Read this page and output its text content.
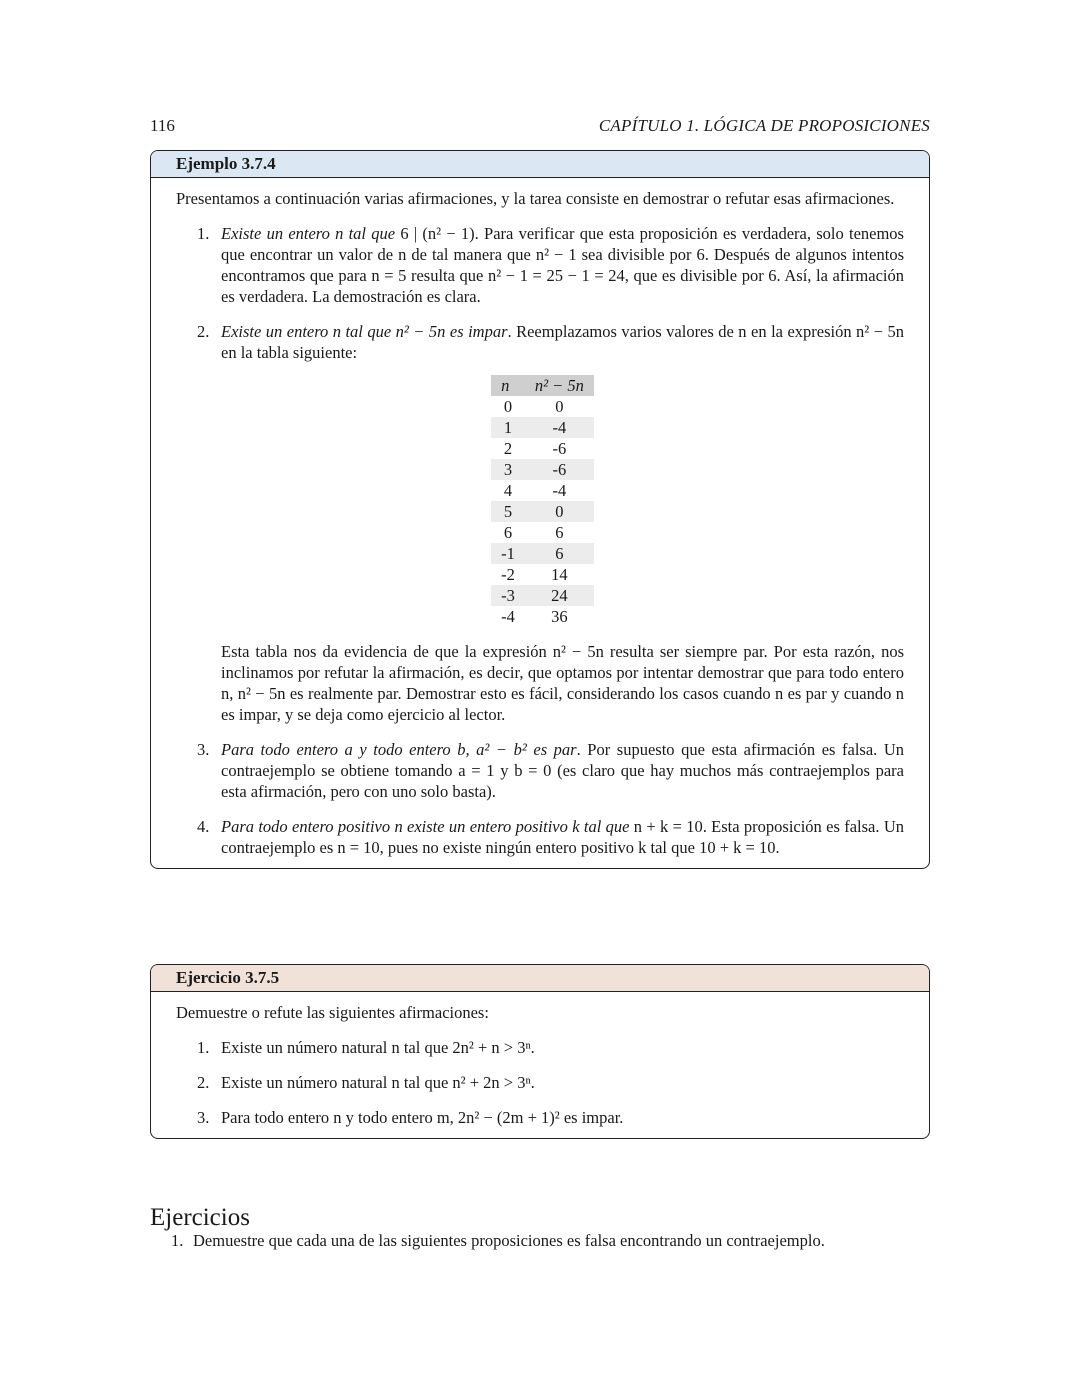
116	CAPÍTULO 1. LÓGICA DE PROPOSICIONES
Ejemplo 3.7.4

Presentamos a continuación varias afirmaciones, y la tarea consiste en demostrar o refutar esas afirmaciones.

1. Existe un entero n tal que 6 | (n² − 1). Para verificar que esta proposición es verdadera, solo tenemos que encontrar un valor de n de tal manera que n² − 1 sea divisible por 6. Después de algunos intentos encontramos que para n = 5 resulta que n² − 1 = 25 − 1 = 24, que es divisible por 6. Así, la afirmación es verdadera. La demostración es clara.
2. Existe un entero n tal que n² − 5n es impar. Reemplazamos varios valores de n en la expresión n² − 5n en la tabla siguiente:
n	n² − 5n
0	0
1	-4
2	-6
3	-6
4	-4
5	0
6	6
-1	6
-2	14
-3	24
-4	36

Esta tabla nos da evidencia de que la expresión n² − 5n resulta ser siempre par. Por esta razón, nos inclinamos por refutar la afirmación, es decir, que optamos por intentar demostrar que para todo entero n, n² − 5n es realmente par. Demostrar esto es fácil, considerando los casos cuando n es par y cuando n es impar, y se deja como ejercicio al lector.

3. Para todo entero a y todo entero b, a² − b² es par. Por supuesto que esta afirmación es falsa. Un contraejemplo se obtiene tomando a = 1 y b = 0 (es claro que hay muchos más contraejemplos para esta afirmación, pero con uno solo basta).
4. Para todo entero positivo n existe un entero positivo k tal que n + k = 10. Esta proposición es falsa. Un contraejemplo es n = 10, pues no existe ningún entero positivo k tal que 10 + k = 10.
Ejercicio 3.7.5

Demuestre o refute las siguientes afirmaciones:

1. Existe un número natural n tal que 2n² + n > 3ⁿ.
2. Existe un número natural n tal que n² + 2n > 3ⁿ.
3. Para todo entero n y todo entero m, 2n² − (2m + 1)² es impar.
Ejercicios
1. Demuestre que cada una de las siguientes proposiciones es falsa encontrando un contraejemplo.
